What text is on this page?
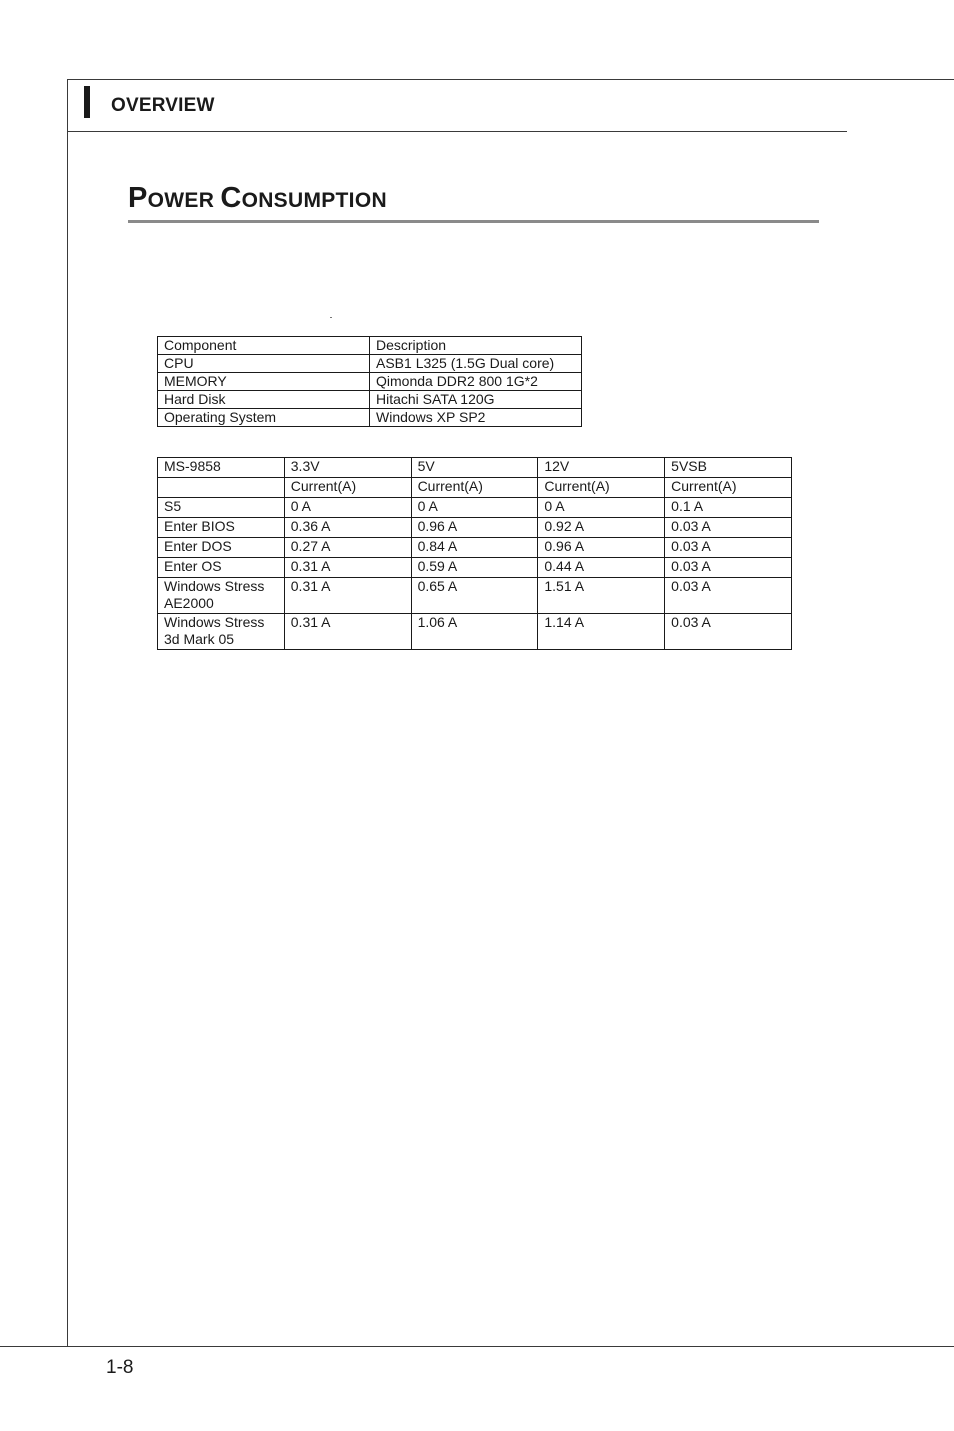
OVERVIEW
POWER CONSUMPTION
Component	Description
CPU	ASB1 L325 (1.5G Dual core)
MEMORY	Qimonda DDR2 800 1G*2
Hard Disk	Hitachi SATA 120G
Operating System	Windows XP SP2
MS-9858	3.3V	5V	12V	5VSB
	Current(A)	Current(A)	Current(A)	Current(A)
S5	0 A	0 A	0 A	0.1 A
Enter BIOS	0.36 A	0.96 A	0.92 A	0.03 A
Enter DOS	0.27 A	0.84 A	0.96 A	0.03 A
Enter OS	0.31 A	0.59 A	0.44 A	0.03 A
Windows Stress
AE2000	0.31 A	0.65 A	1.51 A	0.03 A
Windows Stress
3d Mark 05	0.31 A	1.06 A	1.14 A	0.03 A
1-8
